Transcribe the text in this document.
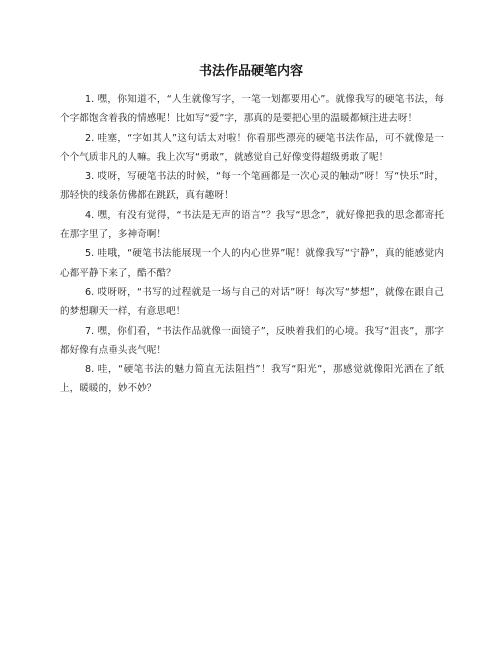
书法作品硬笔内容

1. 嘿，你知道不，“人生就像写字，一笔一划都要用心”。就像我写的硬笔书法，每个字都饱含着我的情感呢！比如写“爱”字，那真的是要把心里的温暖都倾注进去呀！

2. 哇塞，“字如其人”这句话太对啦！你看那些漂亮的硬笔书法作品，可不就像是一个个气质非凡的人嘛。我上次写“勇敢”，就感觉自己好像变得超级勇敢了呢！

3. 哎呀，写硬笔书法的时候，“每一个笔画都是一次心灵的触动”呀！写“快乐”时，那轻快的线条仿佛都在跳跃，真有趣呀！

4. 嘿，有没有觉得，“书法是无声的语言”？我写“思念”，就好像把我的思念都寄托在那字里了，多神奇啊！

5. 哇哦，“硬笔书法能展现一个人的内心世界”呢！就像我写“宁静”，真的能感觉内心都平静下来了，酷不酷？

6. 哎呀呀，“书写的过程就是一场与自己的对话”呀！每次写“梦想”，就像在跟自己的梦想聊天一样，有意思吧！

7. 嘿，你们看，“书法作品就像一面镜子”，反映着我们的心境。我写“沮丧”，那字都好像有点垂头丧气呢！

8. 哇，“硬笔书法的魅力简直无法阻挡”！我写“阳光”，那感觉就像阳光洒在了纸上，暖暖的，妙不妙？
